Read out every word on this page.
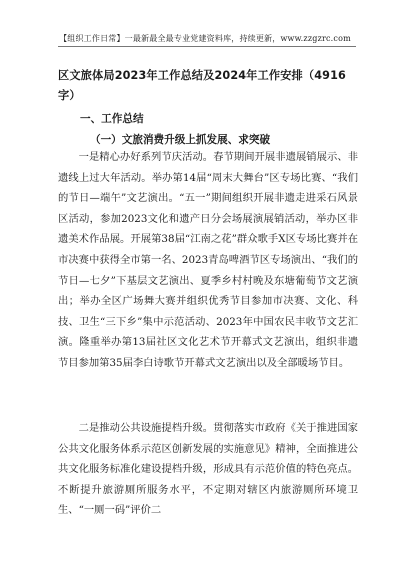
【组织工作日常】一最新最全最专业党建资料库，持续更新，www.zzgzrc.com
区文旅体局2023年工作总结及2024年工作安排（4916字）
一、工作总结
（一）文旅消费升级上抓发展、求突破
一是精心办好系列节庆活动。春节期间开展非遗展销展示、非遗线上过大年活动。举办第14届“周末大舞台”区专场比赛、“我们的节日—端午”文艺演出。“五一”期间组织开展非遗走进采石风景区活动，参加2023文化和遗产日分会场展演展销活动，举办区非遗美术作品展。开展第38届“江南之花”群众歌手X区专场比赛并在市决赛中获得全市第一名、2023青岛啤酒节区专场演出、“我们的节日—七夕”下基层文艺演出、夏季乡村村晚及东塘葡萄节文艺演出；举办全区广场舞大赛并组织优秀节目参加市决赛、文化、科技、卫生“三下乡”集中示范活动、2023年中国农民丰收节文艺汇演。隆重举办第13届社区文化艺术节开幕式文艺演出，组织非遗节目参加第35届李白诗歌节开幕式文艺演出以及全部暖场节目。
二是推动公共设施提档升级。贯彻落实市政府《关于推进国家公共文化服务体系示范区创新发展的实施意见》精神，全面推进公共文化服务标准化建设提档升级，形成具有示范价值的特色亮点。不断提升旅游厕所服务水平，不定期对辖区内旅游厕所环境卫生、“一厕一码”评价二
